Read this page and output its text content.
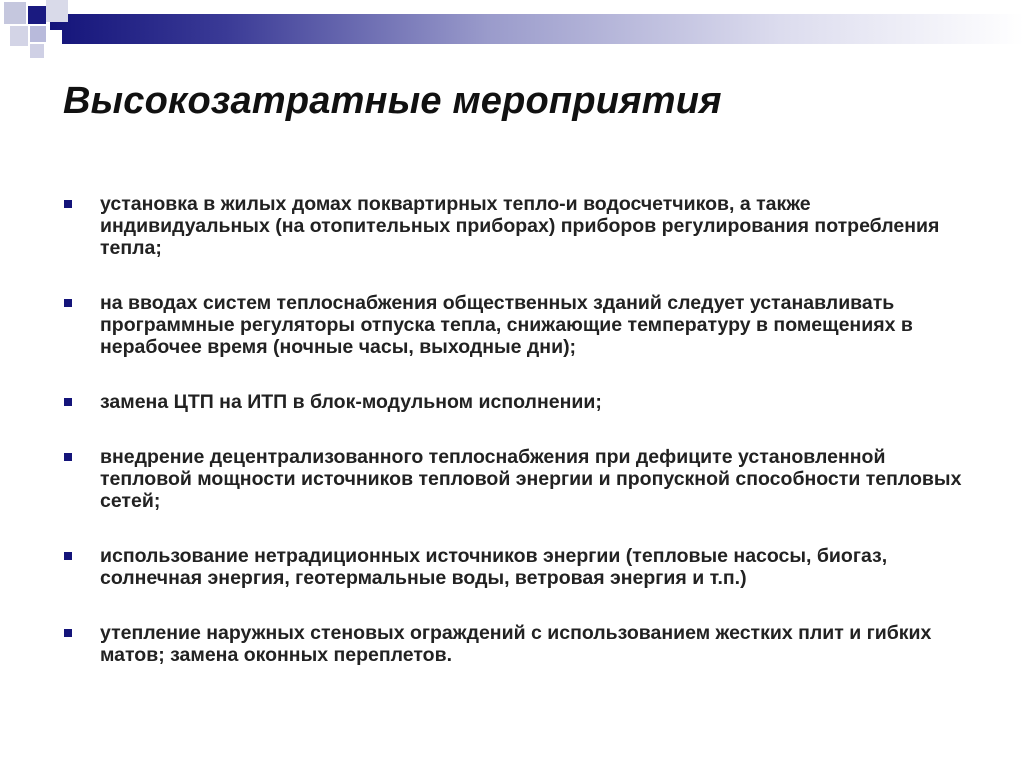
Высокозатратные мероприятия
установка в жилых домах поквартирных тепло-и водосчетчиков, а также индивидуальных (на отопительных приборах) приборов регулирования потребления тепла;
на вводах систем теплоснабжения общественных зданий следует устанавливать программные регуляторы отпуска тепла, снижающие температуру в помещениях в нерабочее время (ночные часы, выходные дни);
замена ЦТП на ИТП в блок-модульном исполнении;
внедрение децентрализованного теплоснабжения при дефиците установленной тепловой мощности источников тепловой энергии и пропускной способности тепловых сетей;
использование нетрадиционных источников энергии (тепловые насосы, биогаз, солнечная энергия, геотермальные воды, ветровая энергия и т.п.)
утепление наружных стеновых ограждений с использованием жестких плит и гибких матов; замена оконных переплетов.
